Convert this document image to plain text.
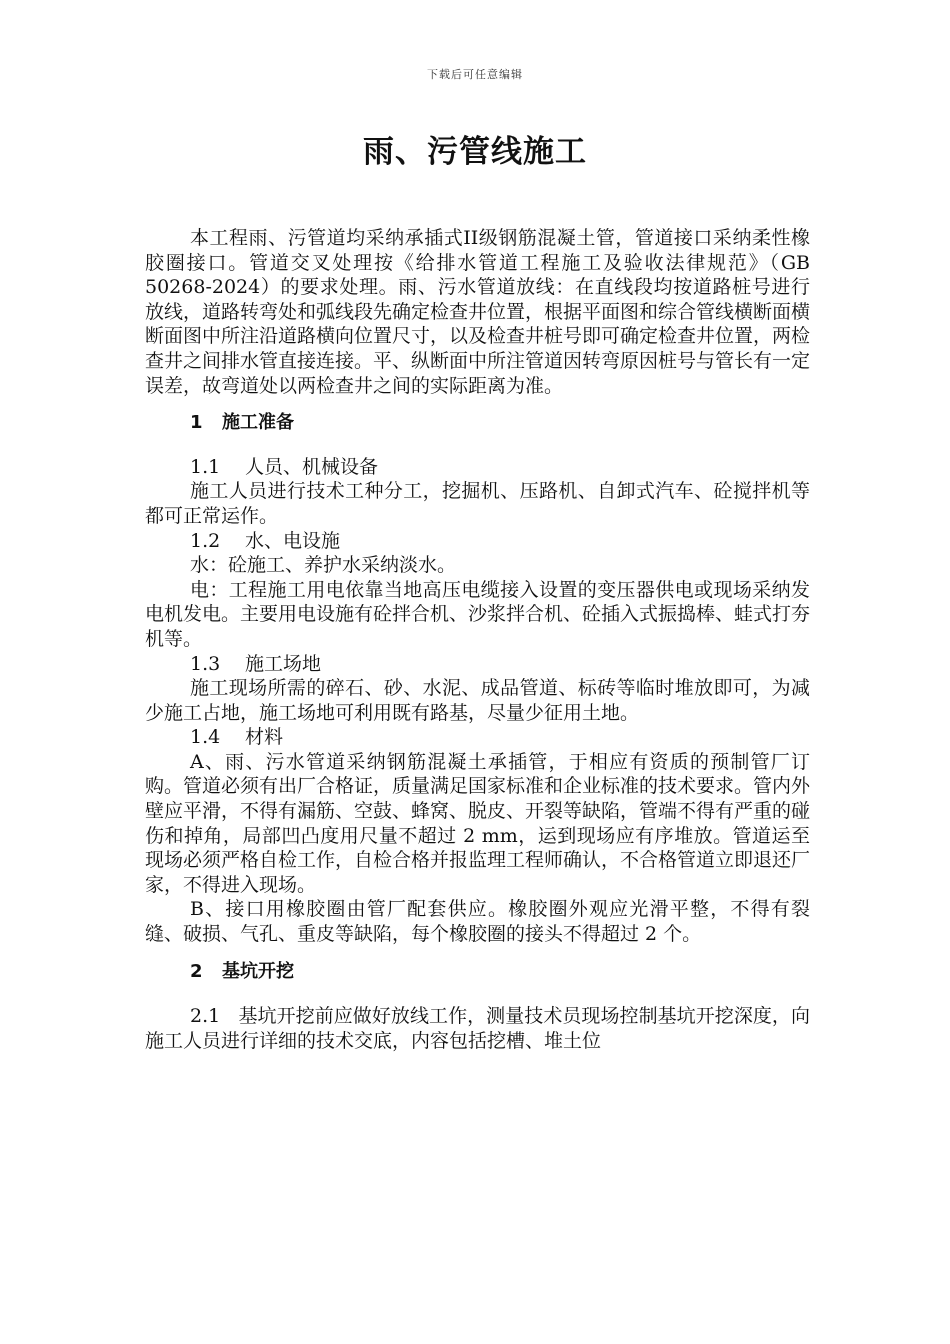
下载后可任意编辑
雨、污管线施工

本工程雨、污管道均采纳承插式II级钢筋混凝土管，管道接口采纳柔性橡胶圈接口。管道交叉处理按《给排水管道工程施工及验收法律规范》（GB 50268-2024）的要求处理。雨、污水管道放线：在直线段均按道路桩号进行放线，道路转弯处和弧线段先确定检查井位置，根据平面图和综合管线横断面横断面图中所注沿道路横向位置尺寸，以及检查井桩号即可确定检查井位置，两检查井之间排水管直接连接。平、纵断面中所注管道因转弯原因桩号与管长有一定误差，故弯道处以两检查井之间的实际距离为准。

1 施工准备

1.1 人员、机械设备

施工人员进行技术工种分工，挖掘机、压路机、自卸式汽车、砼搅拌机等都可正常运作。

1.2 水、电设施

水：砼施工、养护水采纳淡水。

电：工程施工用电依靠当地高压电缆接入设置的变压器供电或现场采纳发电机发电。主要用电设施有砼拌合机、沙浆拌合机、砼插入式振捣棒、蛙式打夯机等。

1.3 施工场地

施工现场所需的碎石、砂、水泥、成品管道、标砖等临时堆放即可，为减少施工占地，施工场地可利用既有路基，尽量少征用土地。

1.4 材料

A、雨、污水管道采纳钢筋混凝土承插管，于相应有资质的预制管厂订购。管道必须有出厂合格证，质量满足国家标准和企业标准的技术要求。管内外壁应平滑，不得有漏筋、空鼓、蜂窝、脱皮、开裂等缺陷，管端不得有严重的碰伤和掉角，局部凹凸度用尺量不超过 2 mm，运到现场应有序堆放。管道运至现场必须严格自检工作，自检合格并报监理工程师确认，不合格管道立即退还厂家，不得进入现场。

B、接口用橡胶圈由管厂配套供应。橡胶圈外观应光滑平整，不得有裂缝、破损、气孔、重皮等缺陷，每个橡胶圈的接头不得超过 2 个。

2 基坑开挖

2.1 基坑开挖前应做好放线工作，测量技术员现场控制基坑开挖深度，向施工人员进行详细的技术交底，内容包括挖槽、堆土位
